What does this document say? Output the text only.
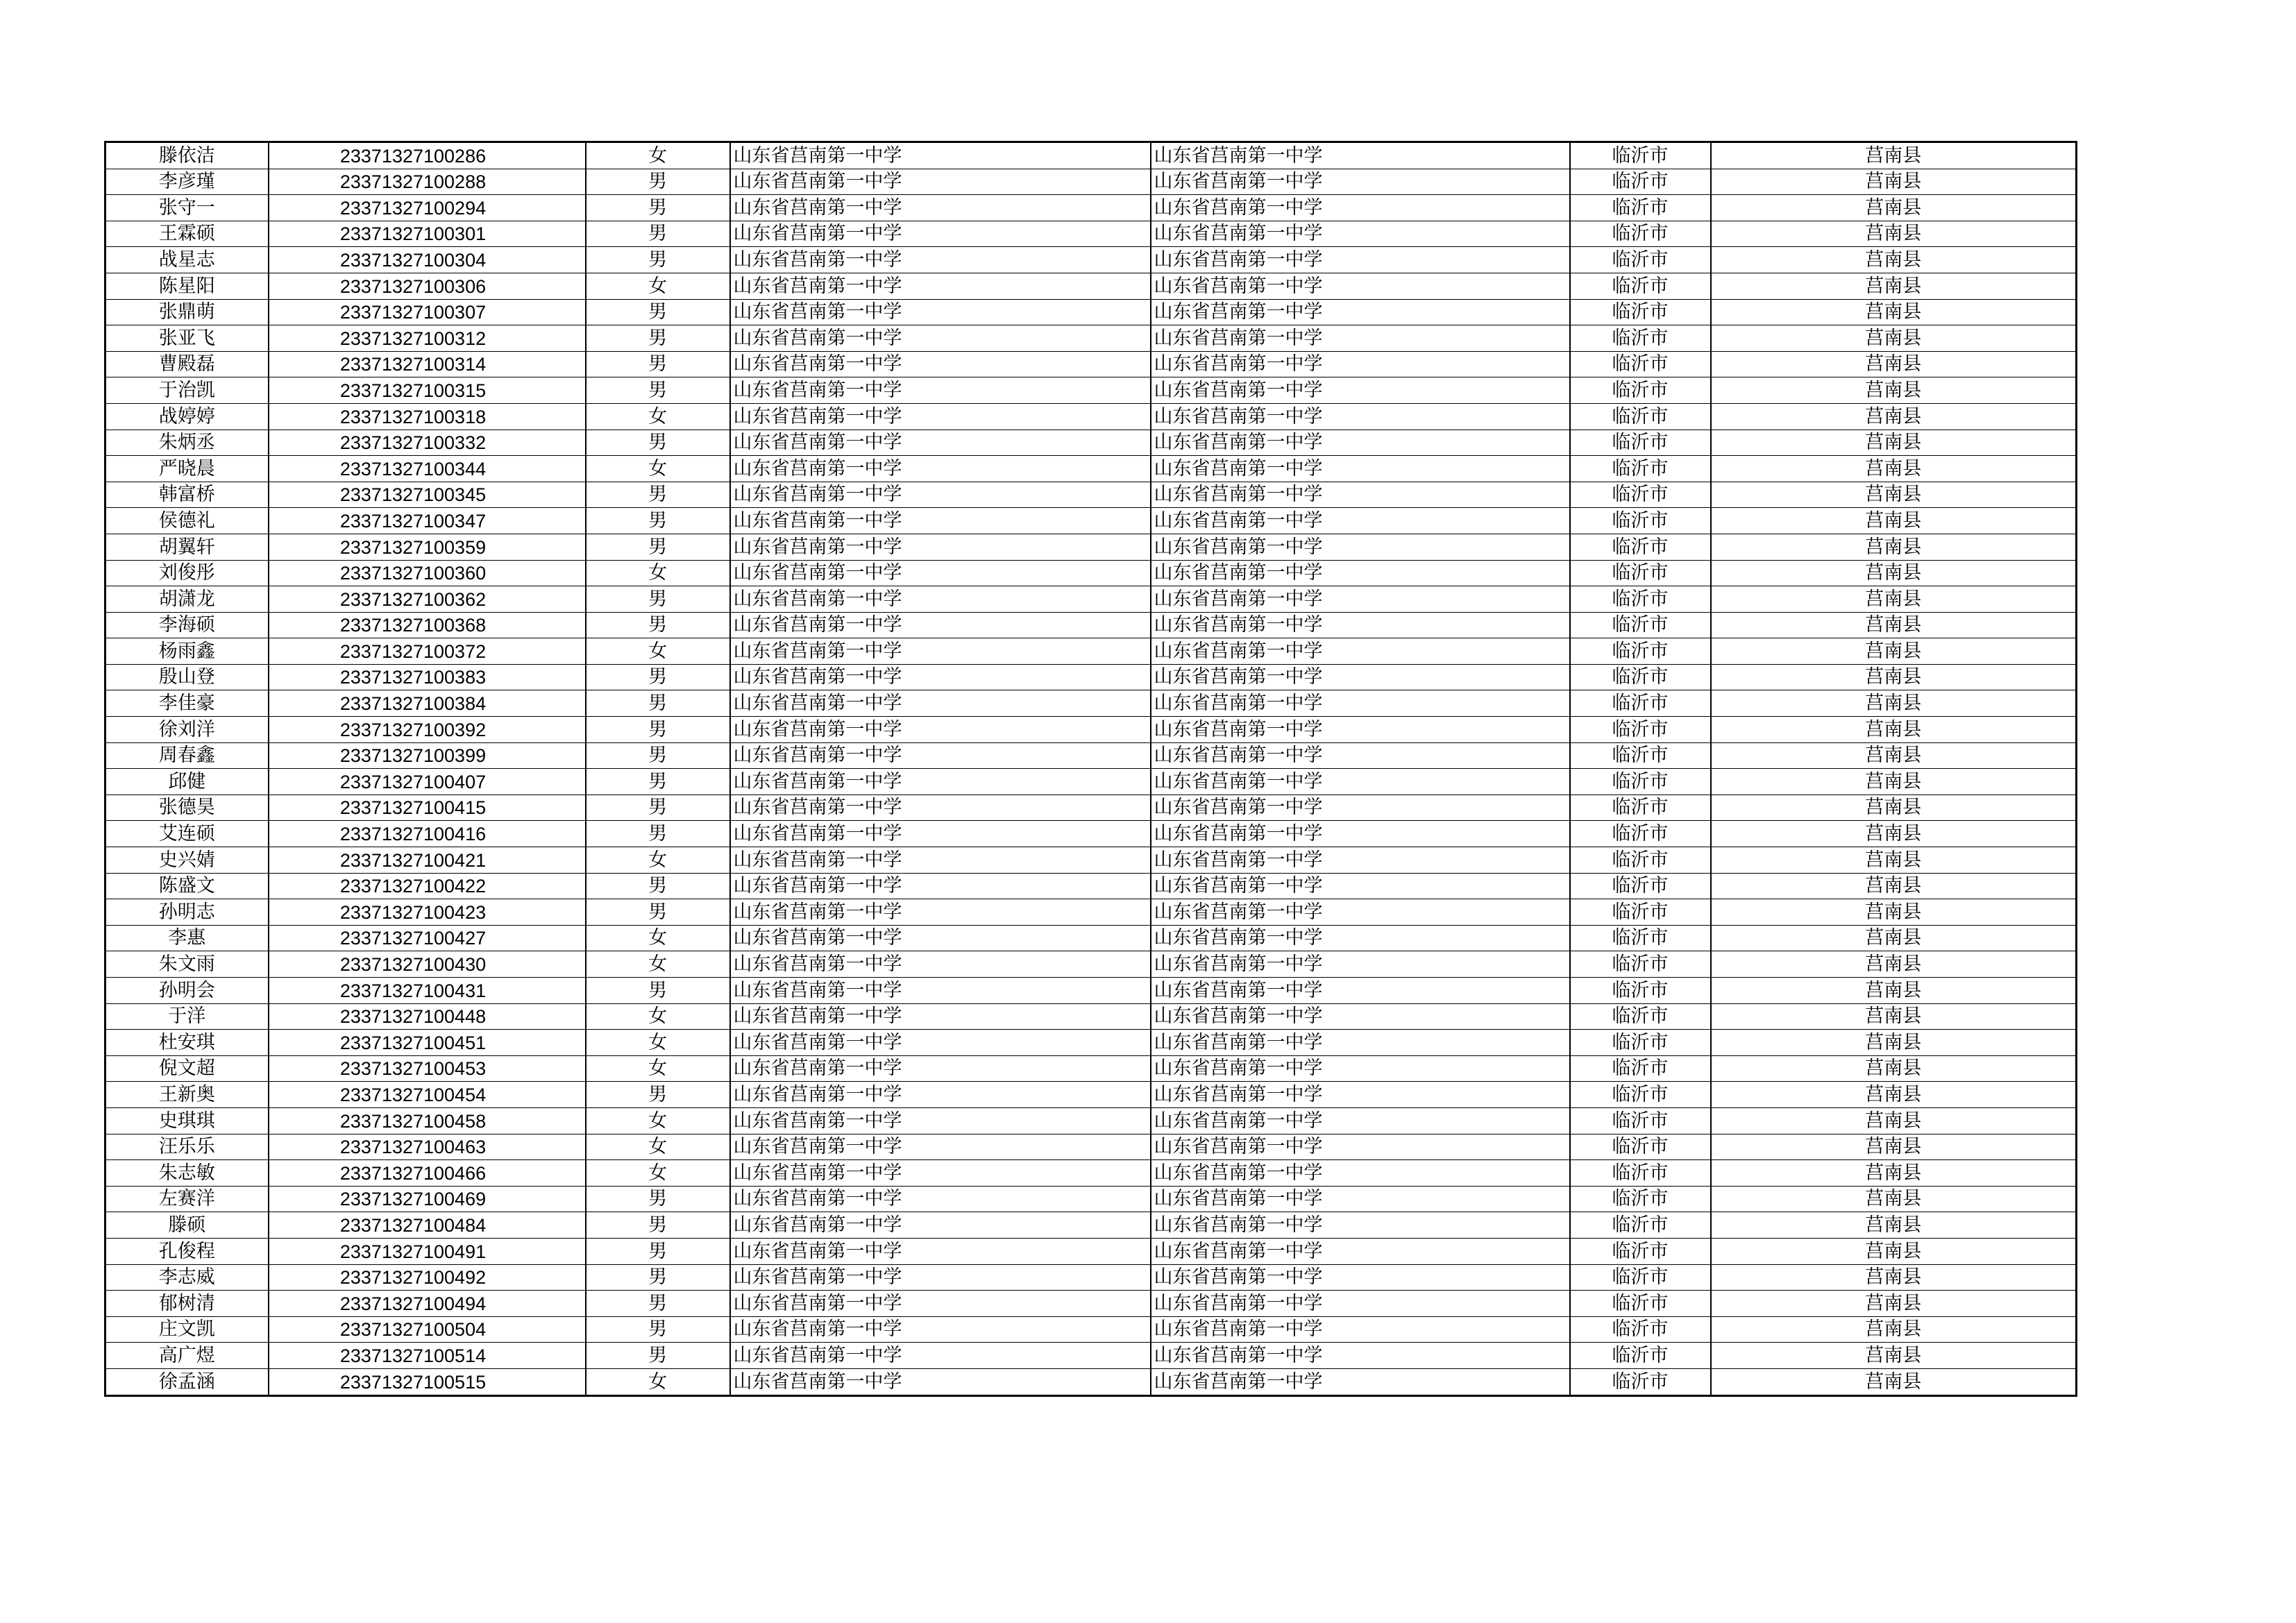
滕依洁	23371327100286	女	山东省莒南第一中学	山东省莒南第一中学	临沂市	莒南县
李彦瑾	23371327100288	男	山东省莒南第一中学	山东省莒南第一中学	临沂市	莒南县
张守一	23371327100294	男	山东省莒南第一中学	山东省莒南第一中学	临沂市	莒南县
王霖硕	23371327100301	男	山东省莒南第一中学	山东省莒南第一中学	临沂市	莒南县
战星志	23371327100304	男	山东省莒南第一中学	山东省莒南第一中学	临沂市	莒南县
陈星阳	23371327100306	女	山东省莒南第一中学	山东省莒南第一中学	临沂市	莒南县
张鼎萌	23371327100307	男	山东省莒南第一中学	山东省莒南第一中学	临沂市	莒南县
张亚飞	23371327100312	男	山东省莒南第一中学	山东省莒南第一中学	临沂市	莒南县
曹殿磊	23371327100314	男	山东省莒南第一中学	山东省莒南第一中学	临沂市	莒南县
于治凯	23371327100315	男	山东省莒南第一中学	山东省莒南第一中学	临沂市	莒南县
战婷婷	23371327100318	女	山东省莒南第一中学	山东省莒南第一中学	临沂市	莒南县
朱炳丞	23371327100332	男	山东省莒南第一中学	山东省莒南第一中学	临沂市	莒南县
严晓晨	23371327100344	女	山东省莒南第一中学	山东省莒南第一中学	临沂市	莒南县
韩富桥	23371327100345	男	山东省莒南第一中学	山东省莒南第一中学	临沂市	莒南县
侯德礼	23371327100347	男	山东省莒南第一中学	山东省莒南第一中学	临沂市	莒南县
胡翼轩	23371327100359	男	山东省莒南第一中学	山东省莒南第一中学	临沂市	莒南县
刘俊彤	23371327100360	女	山东省莒南第一中学	山东省莒南第一中学	临沂市	莒南县
胡潇龙	23371327100362	男	山东省莒南第一中学	山东省莒南第一中学	临沂市	莒南县
李海硕	23371327100368	男	山东省莒南第一中学	山东省莒南第一中学	临沂市	莒南县
杨雨鑫	23371327100372	女	山东省莒南第一中学	山东省莒南第一中学	临沂市	莒南县
殷山登	23371327100383	男	山东省莒南第一中学	山东省莒南第一中学	临沂市	莒南县
李佳豪	23371327100384	男	山东省莒南第一中学	山东省莒南第一中学	临沂市	莒南县
徐刘洋	23371327100392	男	山东省莒南第一中学	山东省莒南第一中学	临沂市	莒南县
周春鑫	23371327100399	男	山东省莒南第一中学	山东省莒南第一中学	临沂市	莒南县
邱健	23371327100407	男	山东省莒南第一中学	山东省莒南第一中学	临沂市	莒南县
张德昊	23371327100415	男	山东省莒南第一中学	山东省莒南第一中学	临沂市	莒南县
艾连硕	23371327100416	男	山东省莒南第一中学	山东省莒南第一中学	临沂市	莒南县
史兴婧	23371327100421	女	山东省莒南第一中学	山东省莒南第一中学	临沂市	莒南县
陈盛文	23371327100422	男	山东省莒南第一中学	山东省莒南第一中学	临沂市	莒南县
孙明志	23371327100423	男	山东省莒南第一中学	山东省莒南第一中学	临沂市	莒南县
李惠	23371327100427	女	山东省莒南第一中学	山东省莒南第一中学	临沂市	莒南县
朱文雨	23371327100430	女	山东省莒南第一中学	山东省莒南第一中学	临沂市	莒南县
孙明会	23371327100431	男	山东省莒南第一中学	山东省莒南第一中学	临沂市	莒南县
于洋	23371327100448	女	山东省莒南第一中学	山东省莒南第一中学	临沂市	莒南县
杜安琪	23371327100451	女	山东省莒南第一中学	山东省莒南第一中学	临沂市	莒南县
倪文超	23371327100453	女	山东省莒南第一中学	山东省莒南第一中学	临沂市	莒南县
王新奥	23371327100454	男	山东省莒南第一中学	山东省莒南第一中学	临沂市	莒南县
史琪琪	23371327100458	女	山东省莒南第一中学	山东省莒南第一中学	临沂市	莒南县
汪乐乐	23371327100463	女	山东省莒南第一中学	山东省莒南第一中学	临沂市	莒南县
朱志敏	23371327100466	女	山东省莒南第一中学	山东省莒南第一中学	临沂市	莒南县
左赛洋	23371327100469	男	山东省莒南第一中学	山东省莒南第一中学	临沂市	莒南县
滕硕	23371327100484	男	山东省莒南第一中学	山东省莒南第一中学	临沂市	莒南县
孔俊程	23371327100491	男	山东省莒南第一中学	山东省莒南第一中学	临沂市	莒南县
李志威	23371327100492	男	山东省莒南第一中学	山东省莒南第一中学	临沂市	莒南县
郁树清	23371327100494	男	山东省莒南第一中学	山东省莒南第一中学	临沂市	莒南县
庄文凯	23371327100504	男	山东省莒南第一中学	山东省莒南第一中学	临沂市	莒南县
高广煜	23371327100514	男	山东省莒南第一中学	山东省莒南第一中学	临沂市	莒南县
徐孟涵	23371327100515	女	山东省莒南第一中学	山东省莒南第一中学	临沂市	莒南县
